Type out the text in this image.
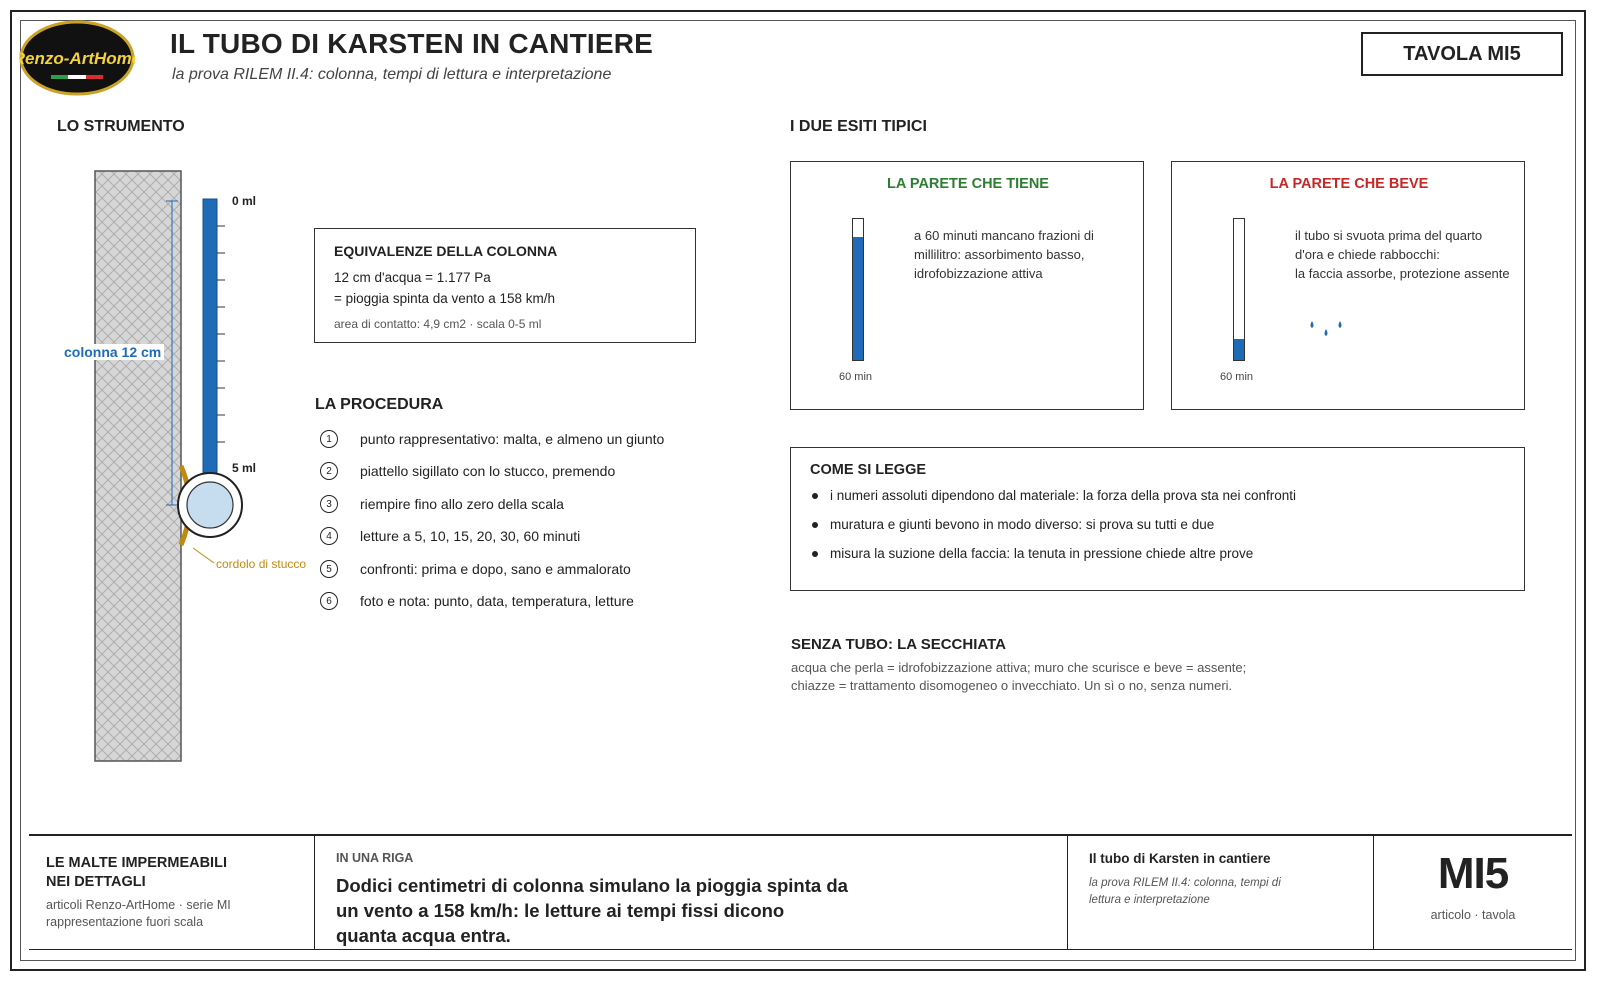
Renzo-ArtHome IL TUBO DI KARSTEN IN CANTIERE
la prova RILEM II.4: colonna, tempi di lettura e interpretazione
TAVOLA MI5
LO STRUMENTO
0 ml
5 ml
colonna 12 cm
cordolo di stucco
EQUIVALENZE DELLA COLONNA
12 cm d'acqua = 1.177 Pa
= pioggia spinta da vento a 158 km/h
area di contatto: 4,9 cm2 · scala 0-5 ml
LA PROCEDURA
1	punto rappresentativo: malta, e almeno un giunto
2	piattello sigillato con lo stucco, premendo
3	riempire fino allo zero della scala
4	letture a 5, 10, 15, 20, 30, 60 minuti
5	confronti: prima e dopo, sano e ammalorato
6	foto e nota: punto, data, temperatura, letture
I DUE ESITI TIPICI
LA PARETE CHE TIENE
60 min
a 60 minuti mancano frazioni di
millilitro: assorbimento basso,
idrofobizzazione attiva
LA PARETE CHE BEVE
60 min
il tubo si svuota prima del quarto
d'ora e chiede rabbocchi:
la faccia assorbe, protezione assente
COME SI LEGGE
i numeri assoluti dipendono dal materiale: la forza della prova sta nei confronti
muratura e giunti bevono in modo diverso: si prova su tutti e due
misura la suzione della faccia: la tenuta in pressione chiede altre prove
SENZA TUBO: LA SECCHIATA
acqua che perla = idrofobizzazione attiva; muro che scurisce e beve = assente;
chiazze = trattamento disomogeneo o invecchiato. Un sì o no, senza numeri.
LE MALTE IMPERMEABILI
NEI DETTAGLI
articoli Renzo-ArtHome · serie MI
rappresentazione fuori scala
IN UNA RIGA
Dodici centimetri di colonna simulano la pioggia spinta da
un vento a 158 km/h: le letture ai tempi fissi dicono
quanta acqua entra.
Il tubo di Karsten in cantiere
la prova RILEM II.4: colonna, tempi di
lettura e interpretazione
MI5
articolo · tavola
